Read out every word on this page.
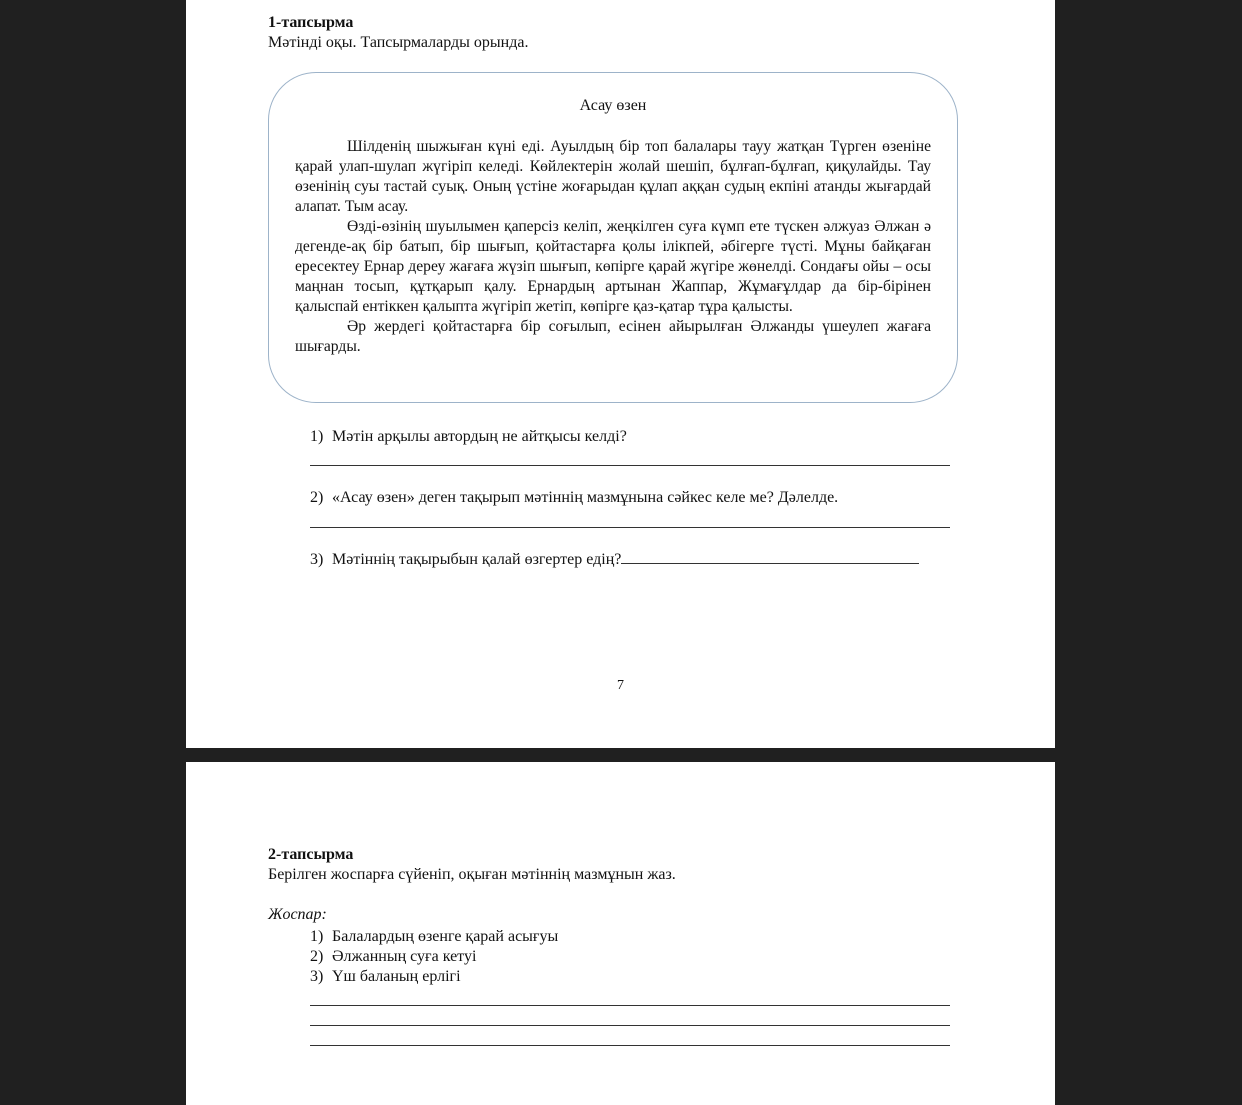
1-тапсырма
Мәтінді оқы. Тапсырмаларды орында.
Асау өзен

Шілденің шыжыған күні еді. Ауылдың бір топ балалары тауу жатқан Түрген өзеніне қарай улап-шулап жүгіріп келеді. Көйлектерін жолай шешіп, бұлғап-бұлғап, қиқулайды. Тау өзенінің суы тастай суық. Оның үстіне жоғарыдан құлап аққан судың екпіні атанды жығардай алапат. Тым асау.

Өзді-өзінің шуылымен қаперсіз келіп, жеңкілген суға күмп ете түскен әлжуаз Әлжан ә дегенде-ақ бір батып, бір шығып, қойтастарға қолы ілікпей, әбігерге түсті. Мұны байқаған ересектеу Ернар дереу жағаға жүзіп шығып, көпірге қарай жүгіре жөнелді. Сондағы ойы – осы маңнан тосып, құтқарып қалу. Ернардың артынан Жаппар, Жұмағұлдар да бір-бірінен қалыспай ентіккен қалыпта жүгіріп жетіп, көпірге қаз-қатар тұра қалысты.

Әр жердегі қойтастарға бір соғылып, есінен айырылған Әлжанды үшеулеп жағаға шығарды.

1) Мәтін арқылы автордың не айтқысы келді?
2) «Асау өзен» деген тақырып мәтіннің мазмұнына сәйкес келе ме? Дәлелде.
3) Мәтіннің тақырыбын қалай өзгертер едің?
7
2-тапсырма
Берілген жоспарға сүйеніп, оқыған мәтіннің мазмұнын жаз.
Жоспар:
1) Балалардың өзенге қарай асығуы
2) Әлжанның суға кетуі
3) Үш баланың ерлігі
